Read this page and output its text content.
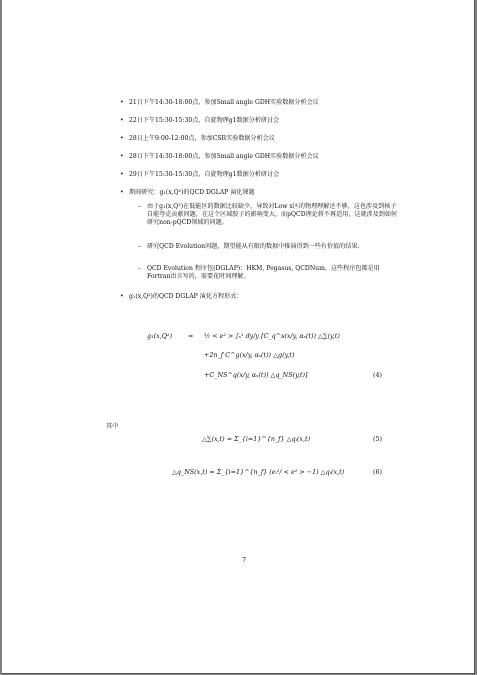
• 21日下午14:30-18:00点，参加Small angle GDH实验数据分析会议
• 22日下午15:30-15:30点，自旋物理g1数据分析研讨会
• 28日上午9:00-12:00点，参加CSR实验数据分析会议
• 28日下午14:30-18:00点，参加Small angle GDH实验数据分析会议
• 29日下午15:30-15:30点，自旋物理g1数据分析研讨会
• 期间研究：g₁(x,Q²)的QCD DGLAP 演化课题
– 由于g₁(x,Q²)在低能区的数据比较缺少，导致对Low x区的物理理解还不够，这也涉及到核子自能夸克贡献问题，在这个区域胶子的影响变大，而pQCD理论将不再适用，这就涉及到如何研究non-pQCD领域的问题。
– 研究QCD Evolution问题，期望能从有限的数据中推演得到一些有价值的结果.
– QCD Evolution 程序包(DGLAP)：HKM, Pegasus, QCDNum，这些程序包都是用Fortran语言写的，需要花时间理解。
• g₁(x,Q²)的QCD DGLAP 演化方程形式：
g₁(x,Q²) = ½ < e² > ∫ₓ¹ dy/y [C_q^s(x/y, αₛ(t)) △∑(y,t)
+2n_f C^g(x/y, αₛ(t)) △g(y,t)
+C_NS^q(x/y, αₛ(t)) △q_NS(y,t)]	(4)
其中
△∑(x,t) = Σ_{i=1}^{n_f} △qᵢ(x,t)	(5)
△q_NS(x,t) = Σ_{i=1}^{n_f} (eᵢ²/ < e² > −1) △qᵢ(x,t)	(6)
7
